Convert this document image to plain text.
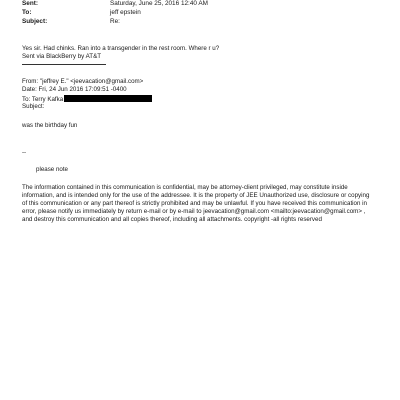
Sent:	Saturday, June 25, 2016 12:40 AM
To:	jeff epstein
Subject:	Re:
Yes sir. Had chinks. Ran into a transgender in the rest room. Where r u?
Sent via BlackBerry by AT&T
From: "jeffrey E." <jeevacation@gmail.com>
Date: Fri, 24 Jun 2016 17:09:51 -0400
To: Terry Kafka
Subject:
was the birthday fun
--
please note
The information contained in this communication is confidential, may be attorney-client privileged, may constitute inside information, and is intended only for the use of the addressee. It is the property of JEE Unauthorized use, disclosure or copying of this communication or any part thereof is strictly prohibited and may be unlawful. If you have received this communication in error, please notify us immediately by return e-mail or by e-mail to jeevacation@gmail.com <mailto:jeevacation@gmail.com> , and destroy this communication and all copies thereof, including all attachments. copyright -all rights reserved
